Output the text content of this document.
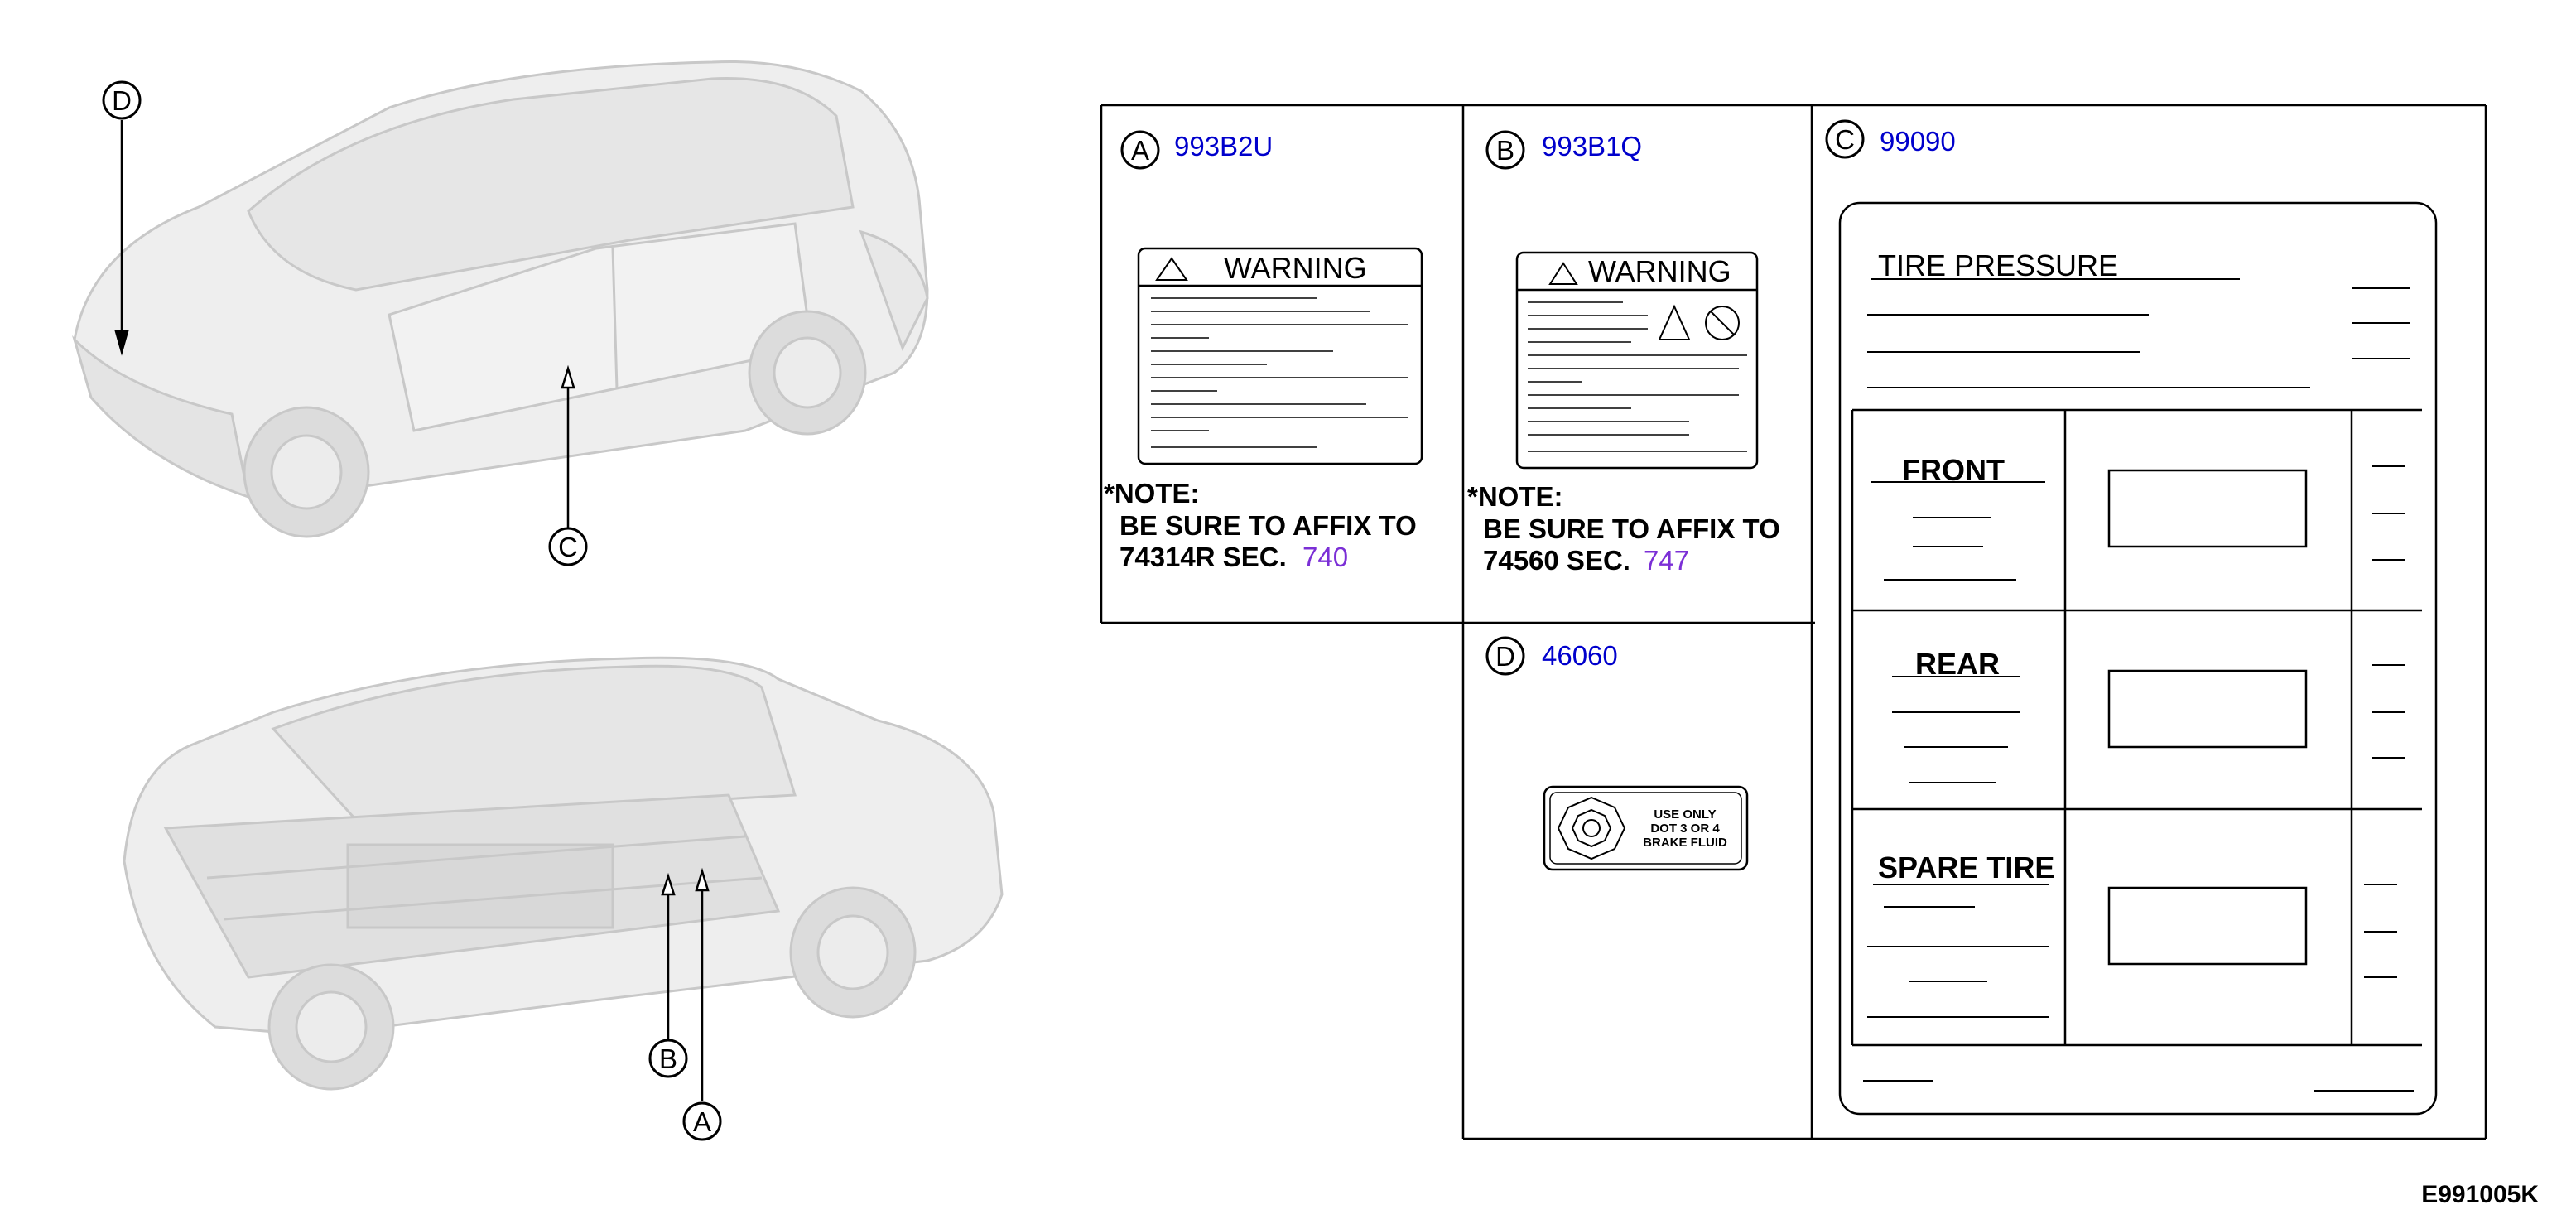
D
C
B
A
A 993B2U
WARNING
*NOTE:
BE SURE TO AFFIX TO
74314R SEC. 740
B 993B1Q
WARNING
*NOTE:
BE SURE TO AFFIX TO
74560 SEC. 747
D 46060
USE ONLY
DOT 3 OR 4
BRAKE FLUID
C 99090
TIRE PRESSURE
FRONT
REAR
SPARE TIRE
E991005K
